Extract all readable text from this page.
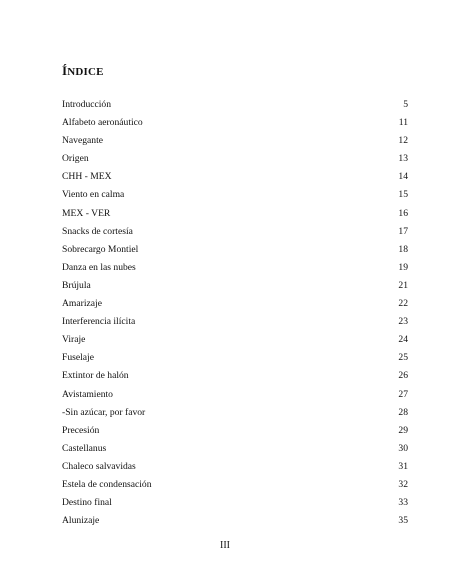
ÍNDICE
Introducción	5
Alfabeto aeronáutico	11
Navegante	12
Origen	13
CHH - MEX	14
Viento en calma	15
MEX - VER	16
Snacks de cortesía	17
Sobrecargo Montiel	18
Danza en las nubes	19
Brújula	21
Amarizaje	22
Interferencia ilícita	23
Viraje	24
Fuselaje	25
Extintor de halón	26
Avistamiento	27
-Sin azúcar, por favor	28
Precesión	29
Castellanus	30
Chaleco salvavidas	31
Estela de condensación	32
Destino final	33
Alunizaje	35
III
